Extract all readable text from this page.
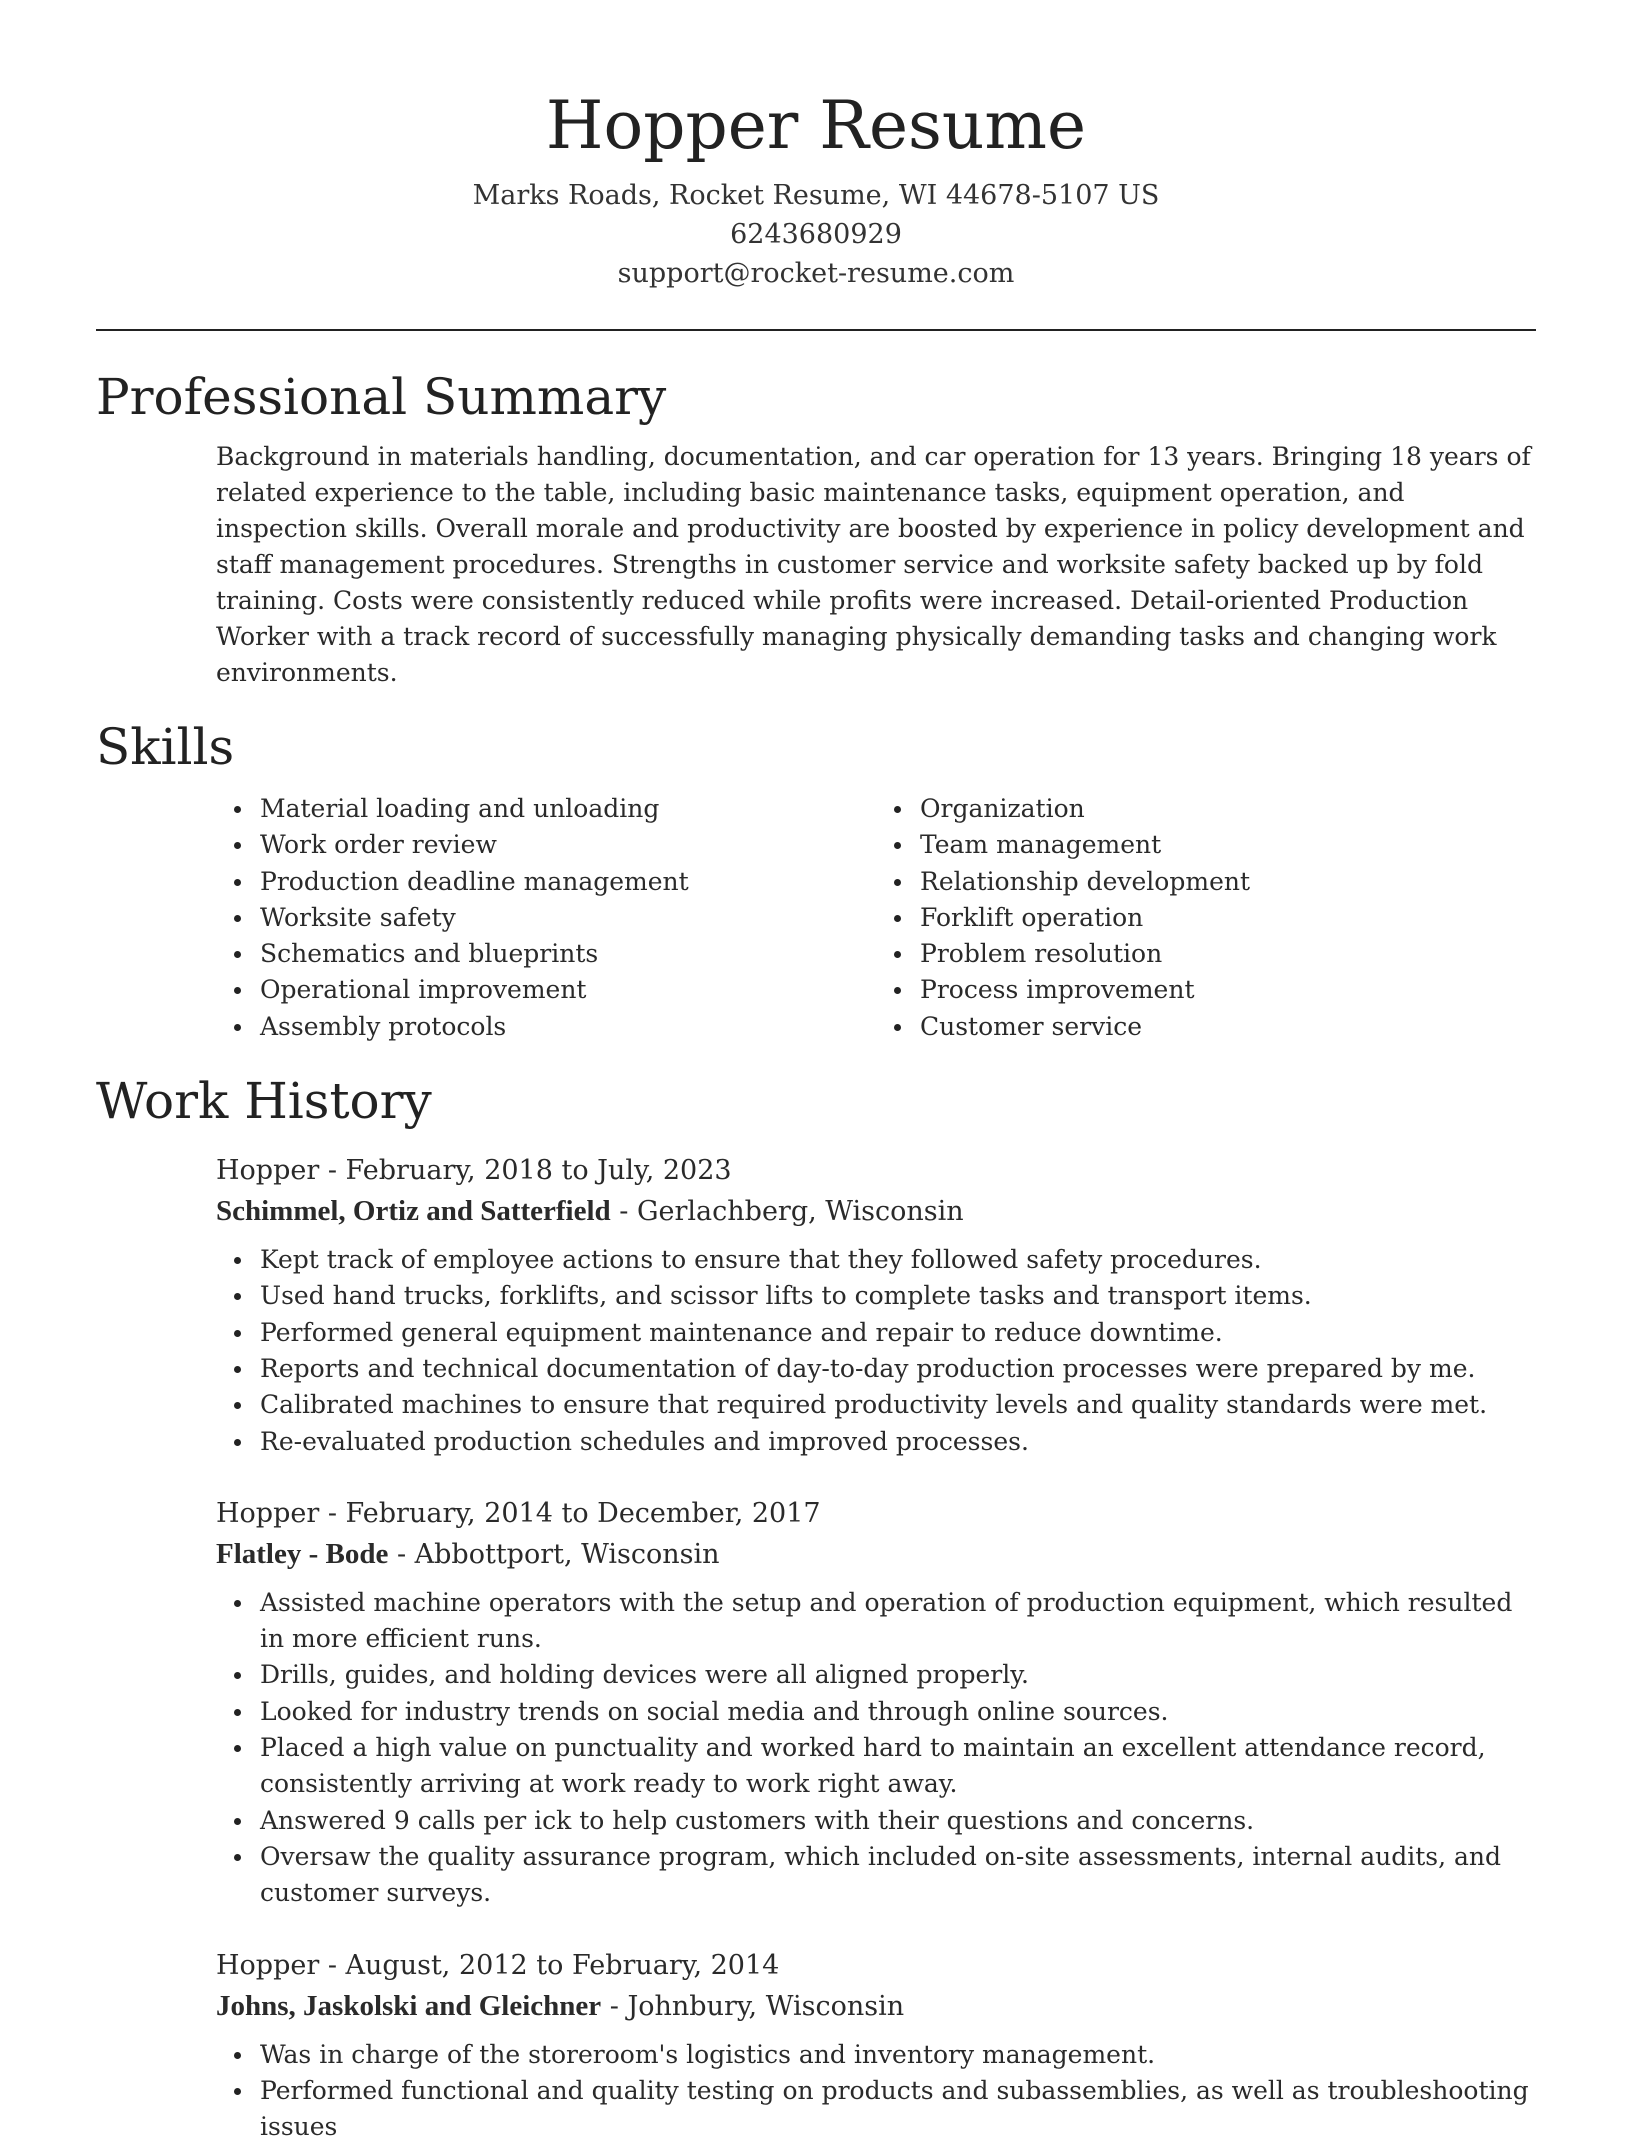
Hopper Resume
Marks Roads, Rocket Resume, WI 44678-5107 US
6243680929
support@rocket-resume.com
Professional Summary

Background in materials handling, documentation, and car operation for 13 years. Bringing 18 years of related experience to the table, including basic maintenance tasks, equipment operation, and inspection skills. Overall morale and productivity are boosted by experience in policy development and staff management procedures. Strengths in customer service and worksite safety backed up by fold training. Costs were consistently reduced while profits were increased. Detail-oriented Production Worker with a track record of successfully managing physically demanding tasks and changing work environments.

Skills
Material loading and unloading
Work order review
Production deadline management
Worksite safety
Schematics and blueprints
Operational improvement
Assembly protocols
Organization
Team management
Relationship development
Forklift operation
Problem resolution
Process improvement
Customer service
Work History
Hopper - February, 2018 to July, 2023
Schimmel, Ortiz and Satterfield - Gerlachberg, Wisconsin
Kept track of employee actions to ensure that they followed safety procedures.
Used hand trucks, forklifts, and scissor lifts to complete tasks and transport items.
Performed general equipment maintenance and repair to reduce downtime.
Reports and technical documentation of day-to-day production processes were prepared by me.
Calibrated machines to ensure that required productivity levels and quality standards were met.
Re-evaluated production schedules and improved processes.
Hopper - February, 2014 to December, 2017
Flatley - Bode - Abbottport, Wisconsin
Assisted machine operators with the setup and operation of production equipment, which resulted in more efficient runs.
Drills, guides, and holding devices were all aligned properly.
Looked for industry trends on social media and through online sources.
Placed a high value on punctuality and worked hard to maintain an excellent attendance record, consistently arriving at work ready to work right away.
Answered 9 calls per ick to help customers with their questions and concerns.
Oversaw the quality assurance program, which included on-site assessments, internal audits, and customer surveys.
Hopper - August, 2012 to February, 2014
Johns, Jaskolski and Gleichner - Johnbury, Wisconsin
Was in charge of the storeroom's logistics and inventory management.
Performed functional and quality testing on products and subassemblies, as well as troubleshooting issues
